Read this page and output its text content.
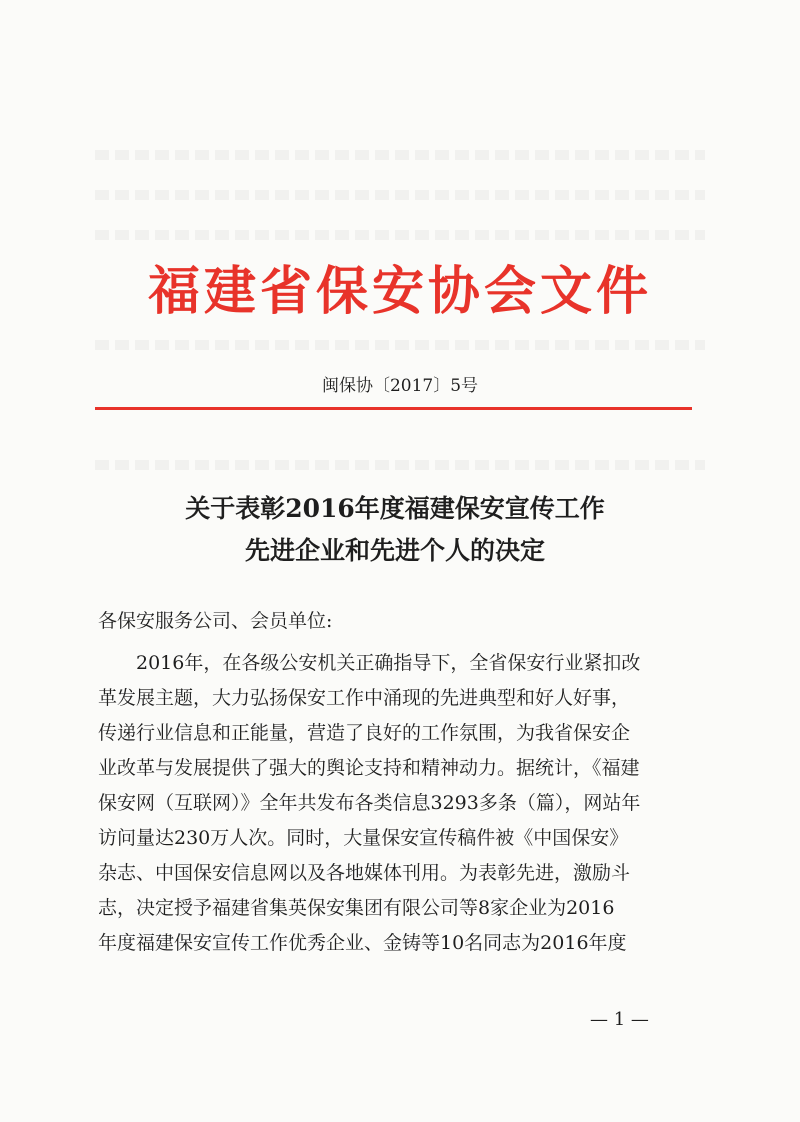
福建省保安协会文件
闽保协〔2017〕5号
关于表彰2016年度福建保安宣传工作
先进企业和先进个人的决定
各保安服务公司、会员单位:
2016年，在各级公安机关正确指导下，全省保安行业紧扣改
革发展主题，大力弘扬保安工作中涌现的先进典型和好人好事，
传递行业信息和正能量，营造了良好的工作氛围，为我省保安企
业改革与发展提供了强大的舆论支持和精神动力。据统计，《福建
保安网（互联网）》全年共发布各类信息3293多条（篇），网站年
访问量达230万人次。同时，大量保安宣传稿件被《中国保安》
杂志、中国保安信息网以及各地媒体刊用。为表彰先进，激励斗
志，决定授予福建省集英保安集团有限公司等8家企业为2016
年度福建保安宣传工作优秀企业、金铸等10名同志为2016年度
— 1 —
